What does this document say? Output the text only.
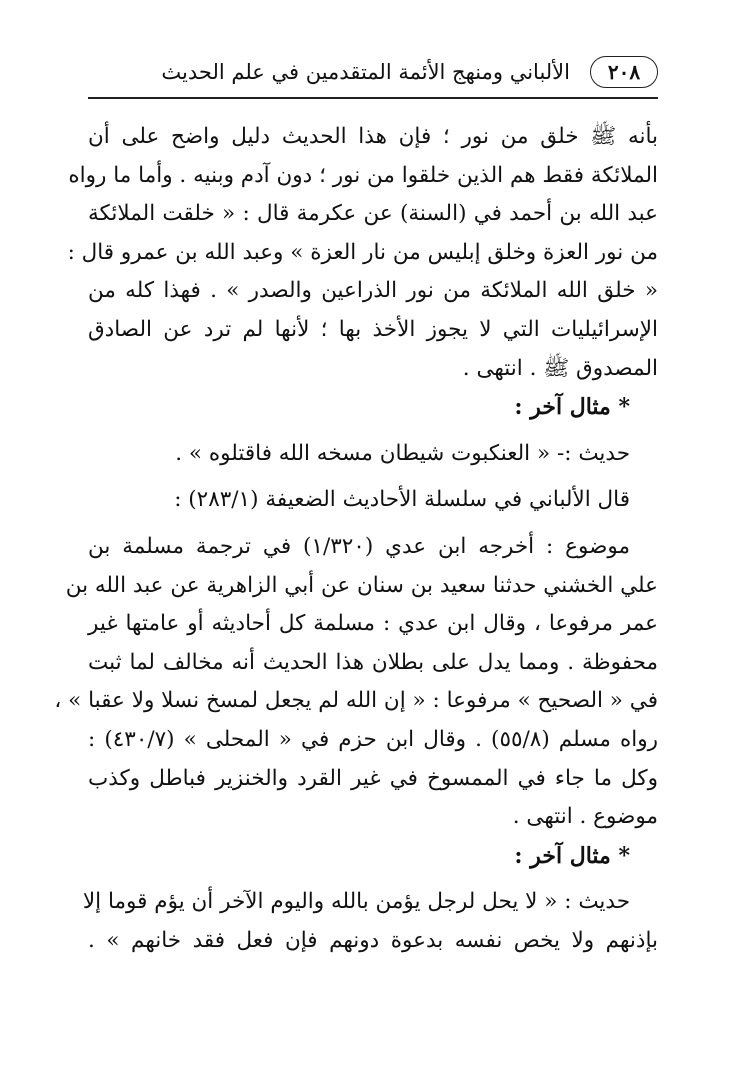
٢٠٨
الألباني ومنهج الأئمة المتقدمين في علم الحديث
بأنه ﷺ خلق من نور ؛ فإن هذا الحديث دليل واضح على أن
الملائكة فقط هم الذين خلقوا من نور ؛ دون آدم وبنيه . وأما ما رواه
عبد الله بن أحمد في (السنة) عن عكرمة قال : « خلقت الملائكة
من نور العزة وخلق إبليس من نار العزة » وعبد الله بن عمرو قال :
« خلق الله الملائكة من نور الذراعين والصدر » . فهذا كله من
الإسرائيليات التي لا يجوز الأخذ بها ؛ لأنها لم ترد عن الصادق
المصدوق ﷺ . انتهى .
* مثال آخر :
حديث :- « العنكبوت شيطان مسخه الله فاقتلوه » .
قال الألباني في سلسلة الأحاديث الضعيفة (٢٨٣/١) :
موضوع : أخرجه ابن عدي (١/٣٢٠) في ترجمة مسلمة بن
علي الخشني حدثنا سعيد بن سنان عن أبي الزاهرية عن عبد الله بن
عمر مرفوعا ، وقال ابن عدي : مسلمة كل أحاديثه أو عامتها غير
محفوظة . ومما يدل على بطلان هذا الحديث أنه مخالف لما ثبت
في « الصحيح » مرفوعا : « إن الله لم يجعل لمسخ نسلا ولا عقبا » ،
رواه مسلم (٥٥/٨) . وقال ابن حزم في « المحلى » (٤٣٠/٧) :
وكل ما جاء في الممسوخ في غير القرد والخنزير فباطل وكذب
موضوع . انتهى .
* مثال آخر :
حديث : « لا يحل لرجل يؤمن بالله واليوم الآخر أن يؤم قوما إلا
بإذنهم ولا يخص نفسه بدعوة دونهم فإن فعل فقد خانهم » .
